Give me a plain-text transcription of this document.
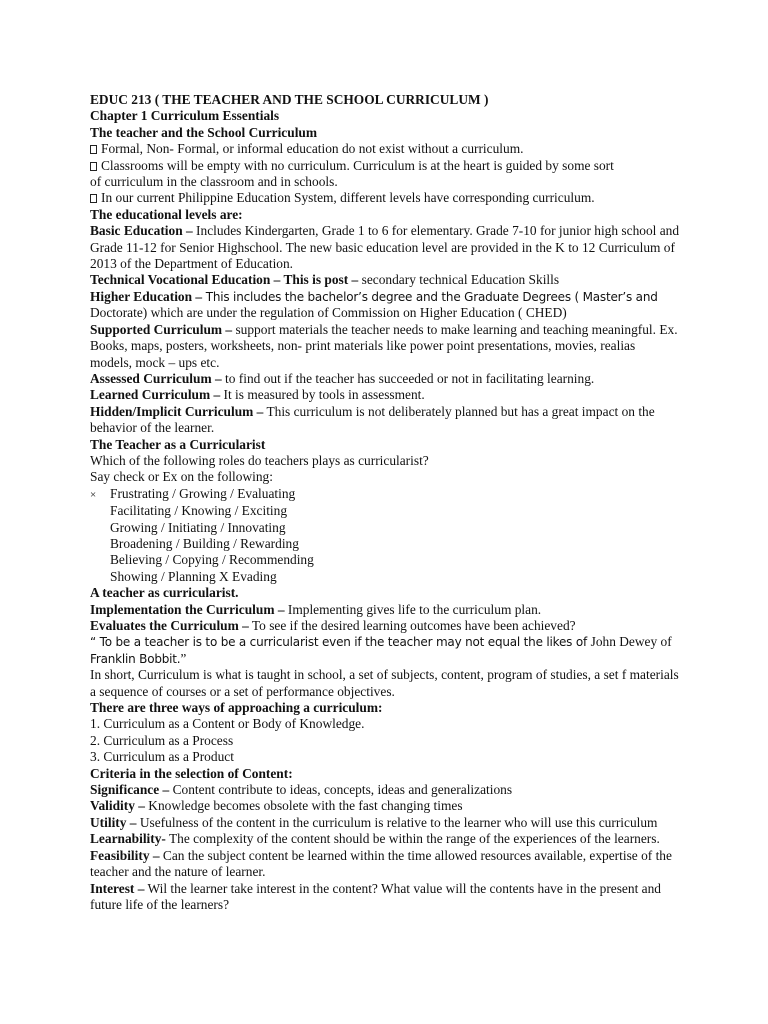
EDUC 213 ( THE TEACHER AND THE SCHOOL CURRICULUM )
Chapter 1 Curriculum Essentials
The teacher and the School Curriculum
Formal, Non- Formal, or informal education do not exist without a curriculum.
Classrooms will be empty with no curriculum. Curriculum is at the heart is guided by some sort
of curriculum in the classroom and in schools.
In our current Philippine Education System, different levels have corresponding curriculum.
The educational levels are:
Basic Education – Includes Kindergarten, Grade 1 to 6 for elementary. Grade 7-10 for junior high school and Grade 11-12 for Senior Highschool. The new basic education level are provided in the K to 12 Curriculum of 2013 of the Department of Education.
Technical Vocational Education – This is post – secondary technical Education Skills
Higher Education – This includes the bachelor’s degree and the Graduate Degrees ( Master’s and
Doctorate) which are under the regulation of Commission on Higher Education ( CHED)
Supported Curriculum – support materials the teacher needs to make learning and teaching meaningful. Ex. Books, maps, posters, worksheets, non- print materials like power point presentations, movies, realias models, mock – ups etc.
Assessed Curriculum – to find out if the teacher has succeeded or not in facilitating learning.
Learned Curriculum – It is measured by tools in assessment.
Hidden/Implicit Curriculum – This curriculum is not deliberately planned but has a great impact on the behavior of the learner.
The Teacher as a Curricularist
Which of the following roles do teachers plays as curricularist?
Say check or Ex on the following:
× Frustrating / Growing / Evaluating
Facilitating / Knowing / Exciting
Growing / Initiating / Innovating
Broadening / Building / Rewarding
Believing / Copying / Recommending
Showing / Planning X Evading
A teacher as curricularist.
Implementation the Curriculum – Implementing gives life to the curriculum plan.
Evaluates the Curriculum – To see if the desired learning outcomes have been achieved?
“ To be a teacher is to be a curricularist even if the teacher may not equal the likes of John Dewey of
Franklin Bobbit.”
In short, Curriculum is what is taught in school, a set of subjects, content, program of studies, a set f materials a sequence of courses or a set of performance objectives.
There are three ways of approaching a curriculum:
1. Curriculum as a Content or Body of Knowledge.
2. Curriculum as a Process
3. Curriculum as a Product
Criteria in the selection of Content:
Significance – Content contribute to ideas, concepts, ideas and generalizations
Validity – Knowledge becomes obsolete with the fast changing times
Utility – Usefulness of the content in the curriculum is relative to the learner who will use this curriculum
Learnability- The complexity of the content should be within the range of the experiences of the learners.
Feasibility – Can the subject content be learned within the time allowed resources available, expertise of the teacher and the nature of learner.
Interest – Wil the learner take interest in the content? What value will the contents have in the present and future life of the learners?
